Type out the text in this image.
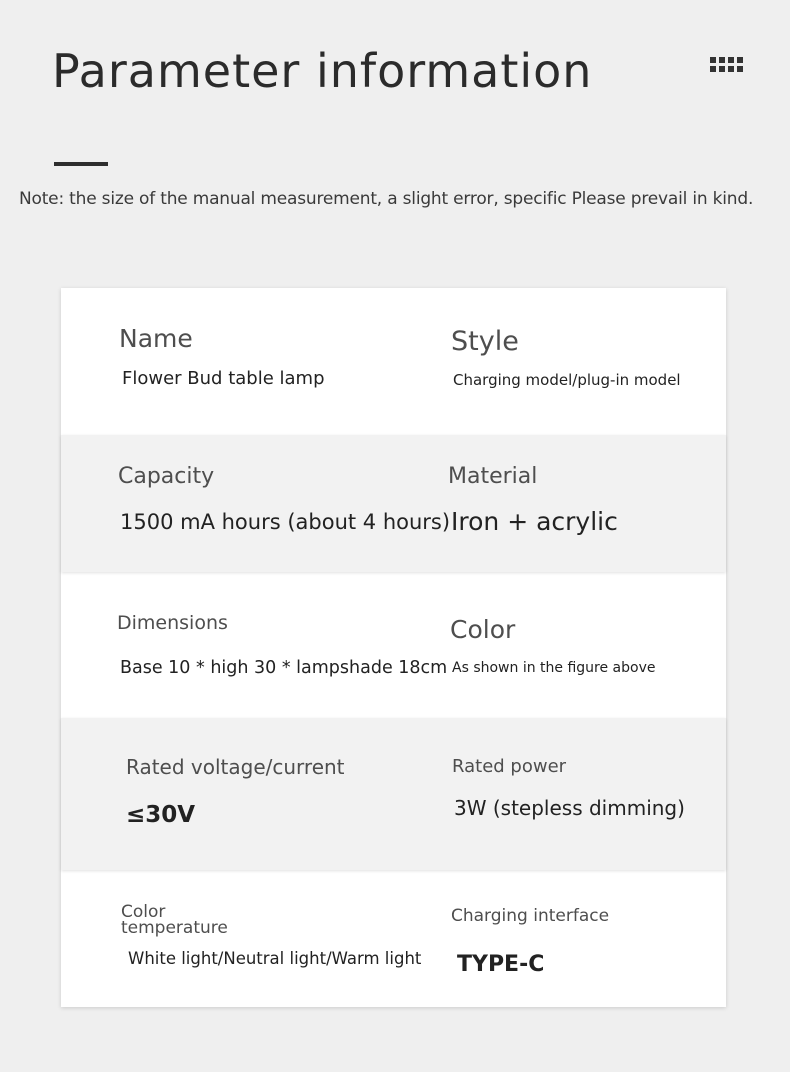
Parameter information
Note: the size of the manual measurement, a slight error, specific Please prevail in kind.
Name
Flower Bud table lamp
Style
Charging model/plug-in model
Capacity
1500 mA hours (about 4 hours)
Material
Iron + acrylic
Dimensions
Base 10 * high 30 * lampshade 18cm
Color
As shown in the figure above
Rated voltage/current
≤30V
Rated power
3W (stepless dimming)
Color
temperature
White light/Neutral light/Warm light
Charging interface
TYPE-C
